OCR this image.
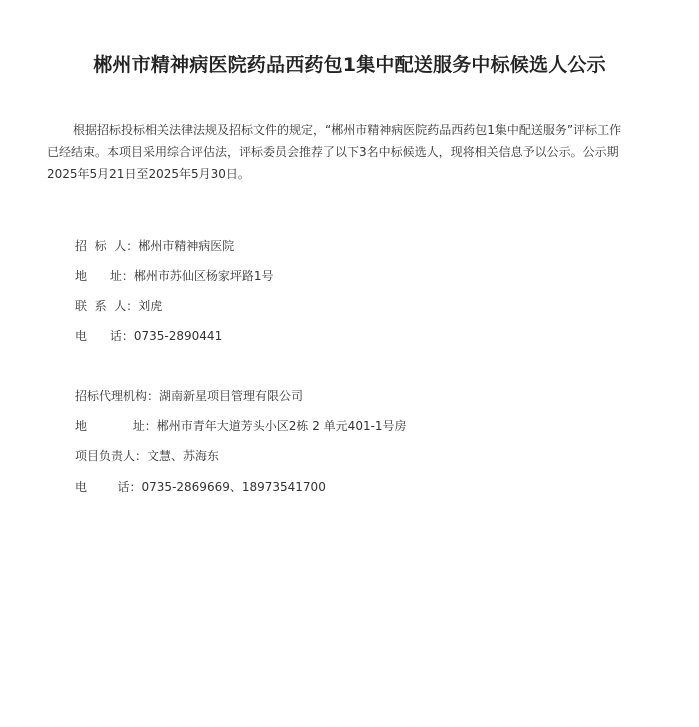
郴州市精神病医院药品西药包1集中配送服务中标候选人公示

根据招标投标相关法律法规及招标文件的规定，“郴州市精神病医院药品西药包1集中配送服务”评标工作已经结束。本项目采用综合评估法，评标委员会推荐了以下3名中标候选人，现将相关信息予以公示。公示期2025年5月21日至2025年5月30日。

招  标  人：郴州市精神病医院

地      址：郴州市苏仙区杨家坪路1号

联  系  人：刘虎

电      话：0735-2890441

招标代理机构：湖南新星项目管理有限公司

地            址：郴州市青年大道芳头小区2栋 2 单元401-1号房

项目负责人：文慧、苏海东

电        话：0735-2869669、18973541700
